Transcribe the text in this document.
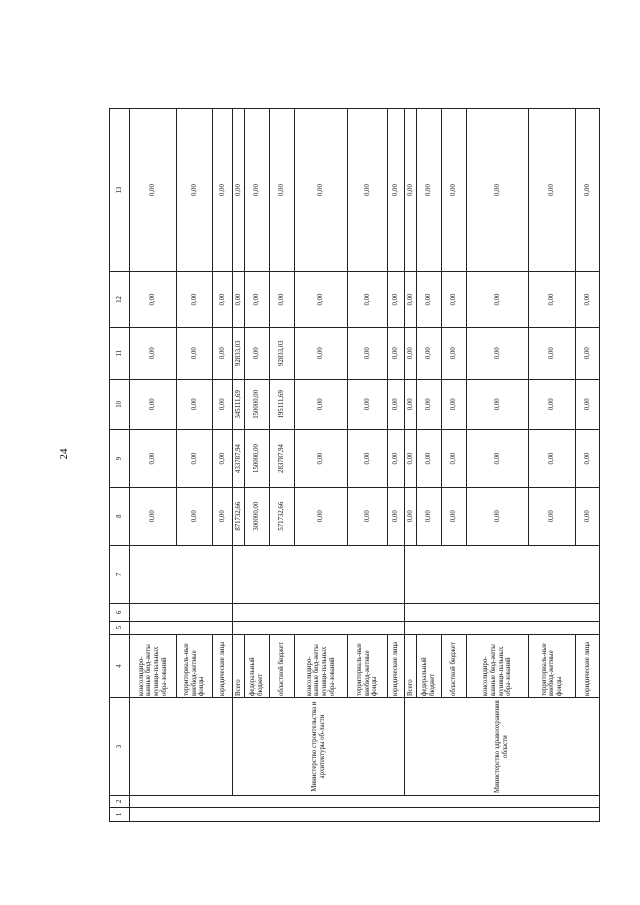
24
1	2	3	4	5	6	7	8	9	10	11	12	13
			консолидиро-ванные бюд-жеты муници-пальных обра-зований				0,00	0,00	0,00	0,00	0,00	0,00
			территориаль-ные внебюд-жетные фонды				0,00	0,00	0,00	0,00	0,00	0,00
			юридические лица				0,00	0,00	0,00	0,00	0,00	0,00
		Министерство строительства и архитектуры об-ласти	Всего				871732,66	433787,94	345111,69	92833,03	0,00	0,00
			федеральный бюджет				300000,00	150000,00	150000,00	0,00	0,00	0,00
			областной бюджет				571732,66	283787,94	195111,69	92833,03	0,00	0,00
			консолидиро-ванные бюд-жеты муници-пальных обра-зований				0,00	0,00	0,00	0,00	0,00	0,00
			территориаль-ные внебюд-жетные фонды				0,00	0,00	0,00	0,00	0,00	0,00
			юридические лица				0,00	0,00	0,00	0,00	0,00	0,00
		Министерство здравоохранения области	Всего				0,00	0,00	0,00	0,00	0,00	0,00
			федеральный бюджет				0,00	0,00	0,00	0,00	0,00	0,00
			областной бюджет				0,00	0,00	0,00	0,00	0,00	0,00
			консолидиро-ванные бюд-жеты муници-пальных обра-зований				0,00	0,00	0,00	0,00	0,00	0,00
			территориаль-ные внебюд-жетные фонды				0,00	0,00	0,00	0,00	0,00	0,00
			юридические лица				0,00	0,00	0,00	0,00	0,00	0,00
